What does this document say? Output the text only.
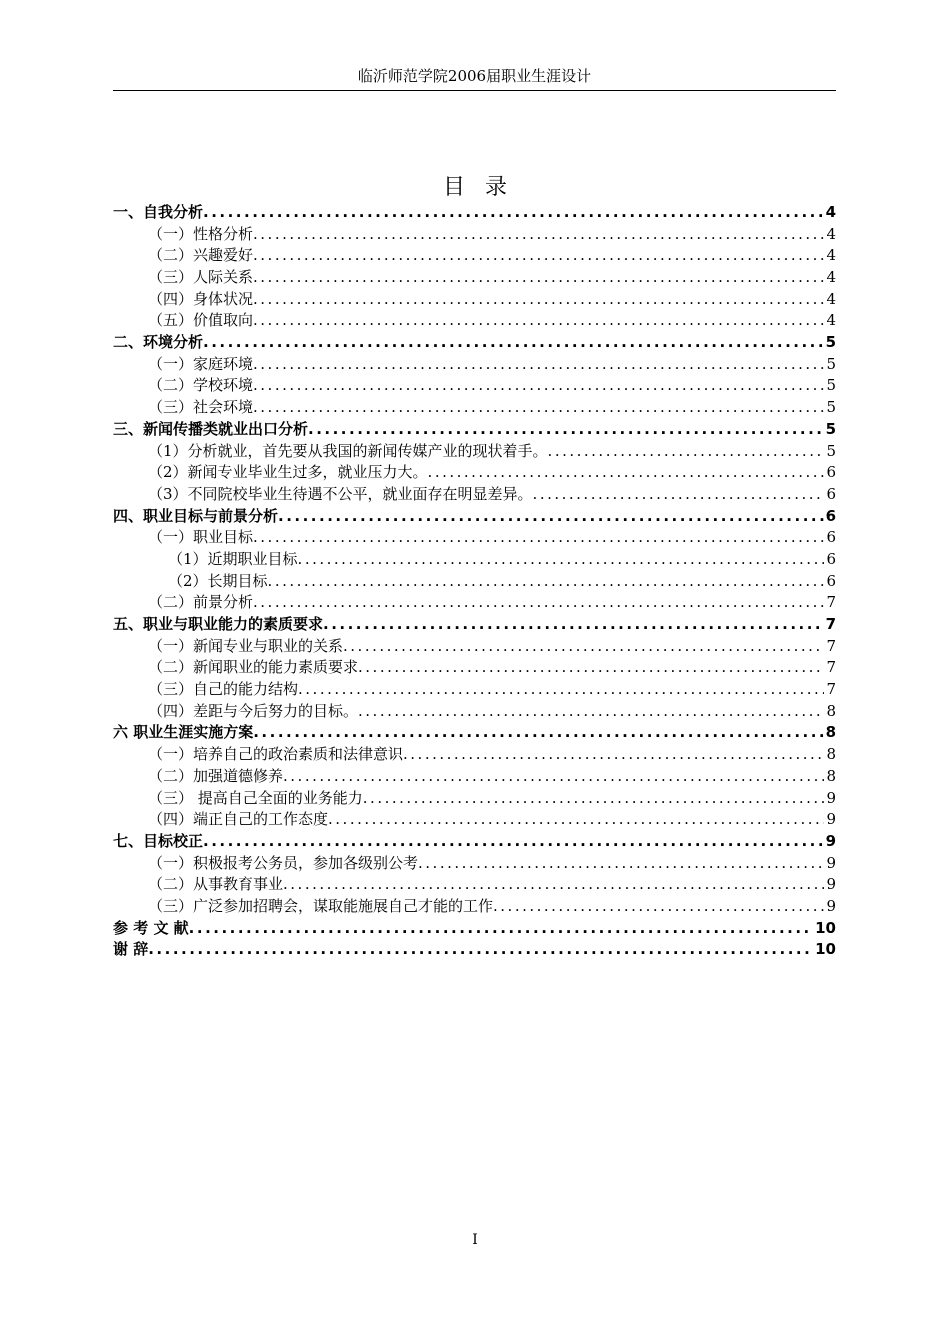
临沂师范学院2006届职业生涯设计
目录
一、自我分析 .....	4
（一）性格分析 .....	4
（二）兴趣爱好 .....	4
（三）人际关系 .....	4
（四）身体状况 .....	4
（五）价值取向 .....	4
二、环境分析 .....	5
（一）家庭环境 .....	5
（二）学校环境 .....	5
（三）社会环境 .....	5
三、新闻传播类就业出口分析 .....	5
（1）分析就业，首先要从我国的新闻传媒产业的现状着手。 .....	5
（2）新闻专业毕业生过多，就业压力大。 .....	6
（3）不同院校毕业生待遇不公平，就业面存在明显差异。 .....	6
四、职业目标与前景分析 .....	6
（一）职业目标 .....	6
（1）近期职业目标 .....	6
（2）长期目标 .....	6
（二）前景分析 .....	7
五、职业与职业能力的素质要求 .....	7
（一）新闻专业与职业的关系 .....	7
（二）新闻职业的能力素质要求 .....	7
（三）自己的能力结构 .....	7
（四）差距与今后努力的目标。 .....	8
六 职业生涯实施方案 .....	8
（一）培养自己的政治素质和法律意识 .....	8
（二）加强道德修养 .....	8
（三） 提高自己全面的业务能力 .....	9
（四）端正自己的工作态度 .....	9
七、目标校正 .....	9
（一）积极报考公务员，参加各级别公考 .....	9
（二）从事教育事业 .....	9
（三）广泛参加招聘会，谋取能施展自己才能的工作 .....	9
参 考 文 献 .....	10
谢 辞 .....	10
I
